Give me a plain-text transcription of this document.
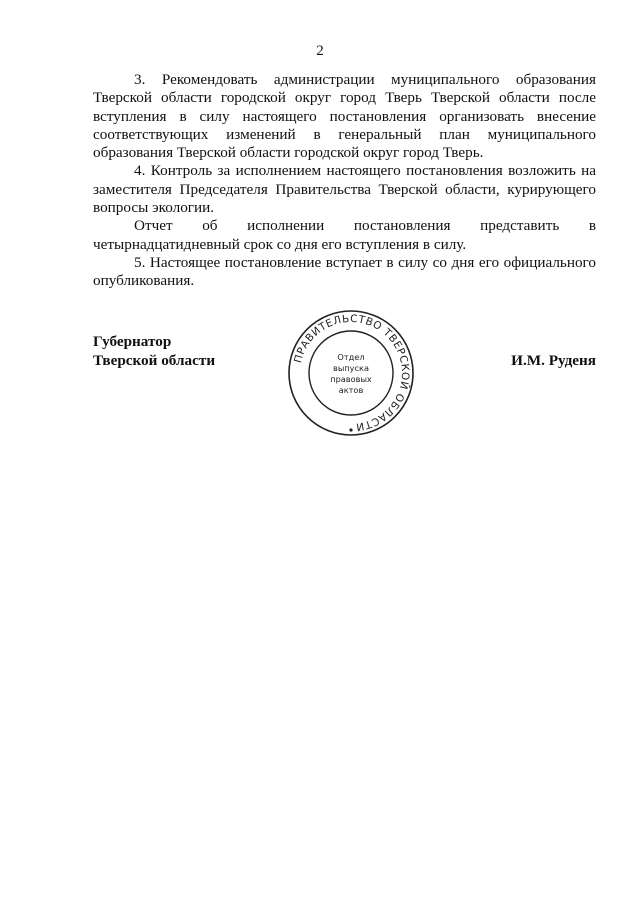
2

3. Рекомендовать администрации муниципального образования Тверской области городской округ город Тверь Тверской области после вступления в силу настоящего постановления организовать внесение соответствующих изменений в генеральный план муниципального образования Тверской области городской округ город Тверь.

4. Контроль за исполнением настоящего постановления возложить на заместителя Председателя Правительства Тверской области, курирующего вопросы экологии.

Отчет об исполнении постановления представить в

четырнадцатидневный срок со дня его вступления в силу.

5. Настоящее постановление вступает в силу со дня его официального опубликования.

Губернатор
Тверской области	ПРАВИТЕЛЬСТВО ТВЕРСКОЙ ОБЛАСТИ
Отдел
выпуска
правовых
актов
И.М. Руденя
